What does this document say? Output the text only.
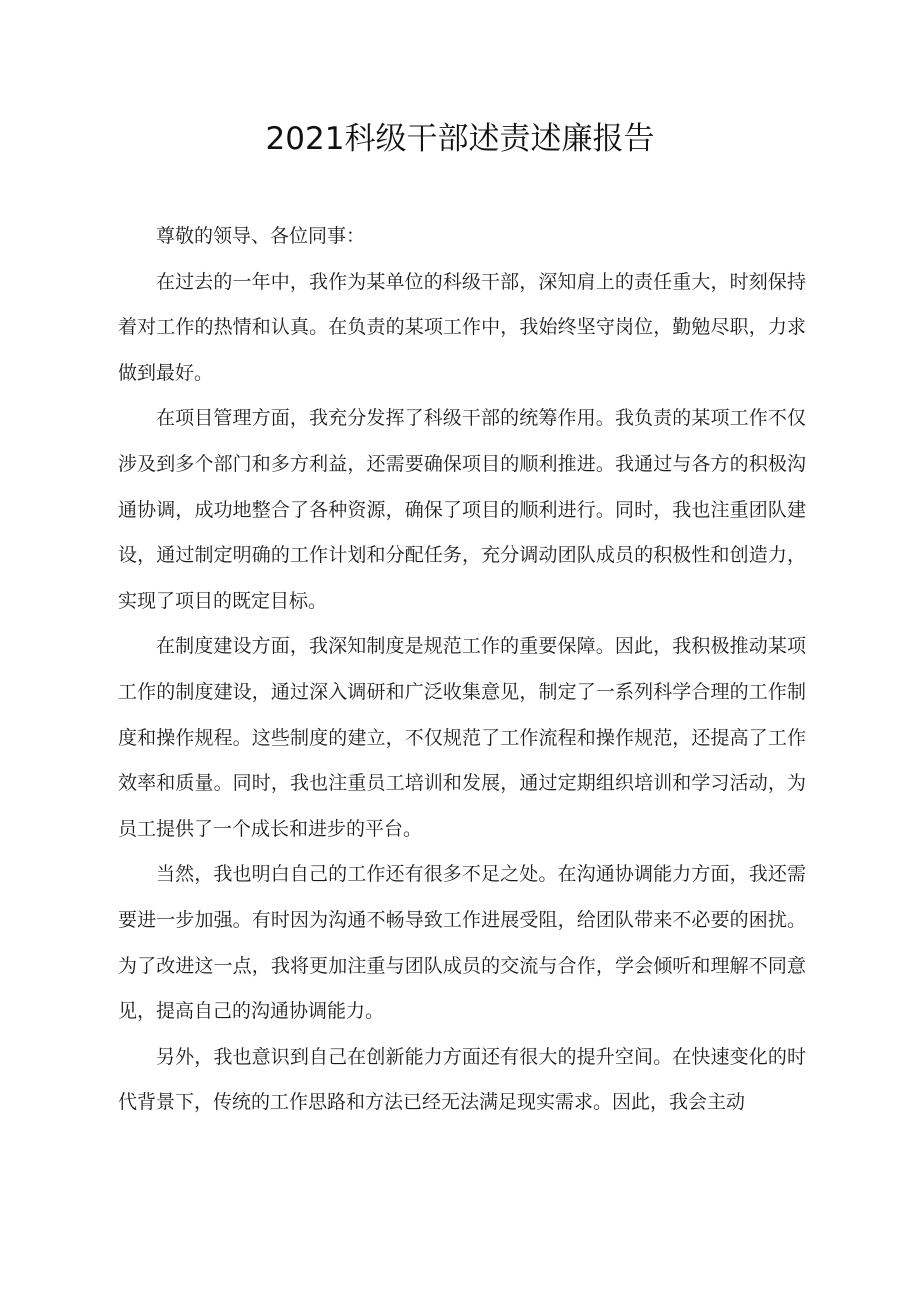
2021科级干部述责述廉报告

尊敬的领导、各位同事：

在过去的一年中，我作为某单位的科级干部，深知肩上的责任重大，时刻保持着对工作的热情和认真。在负责的某项工作中，我始终坚守岗位，勤勉尽职，力求做到最好。

在项目管理方面，我充分发挥了科级干部的统筹作用。我负责的某项工作不仅涉及到多个部门和多方利益，还需要确保项目的顺利推进。我通过与各方的积极沟通协调，成功地整合了各种资源，确保了项目的顺利进行。同时，我也注重团队建设，通过制定明确的工作计划和分配任务，充分调动团队成员的积极性和创造力，实现了项目的既定目标。

在制度建设方面，我深知制度是规范工作的重要保障。因此，我积极推动某项工作的制度建设，通过深入调研和广泛收集意见，制定了一系列科学合理的工作制度和操作规程。这些制度的建立，不仅规范了工作流程和操作规范，还提高了工作效率和质量。同时，我也注重员工培训和发展，通过定期组织培训和学习活动，为员工提供了一个成长和进步的平台。

当然，我也明白自己的工作还有很多不足之处。在沟通协调能力方面，我还需要进一步加强。有时因为沟通不畅导致工作进展受阻，给团队带来不必要的困扰。为了改进这一点，我将更加注重与团队成员的交流与合作，学会倾听和理解不同意见，提高自己的沟通协调能力。

另外，我也意识到自己在创新能力方面还有很大的提升空间。在快速变化的时代背景下，传统的工作思路和方法已经无法满足现实需求。因此，我会主动
